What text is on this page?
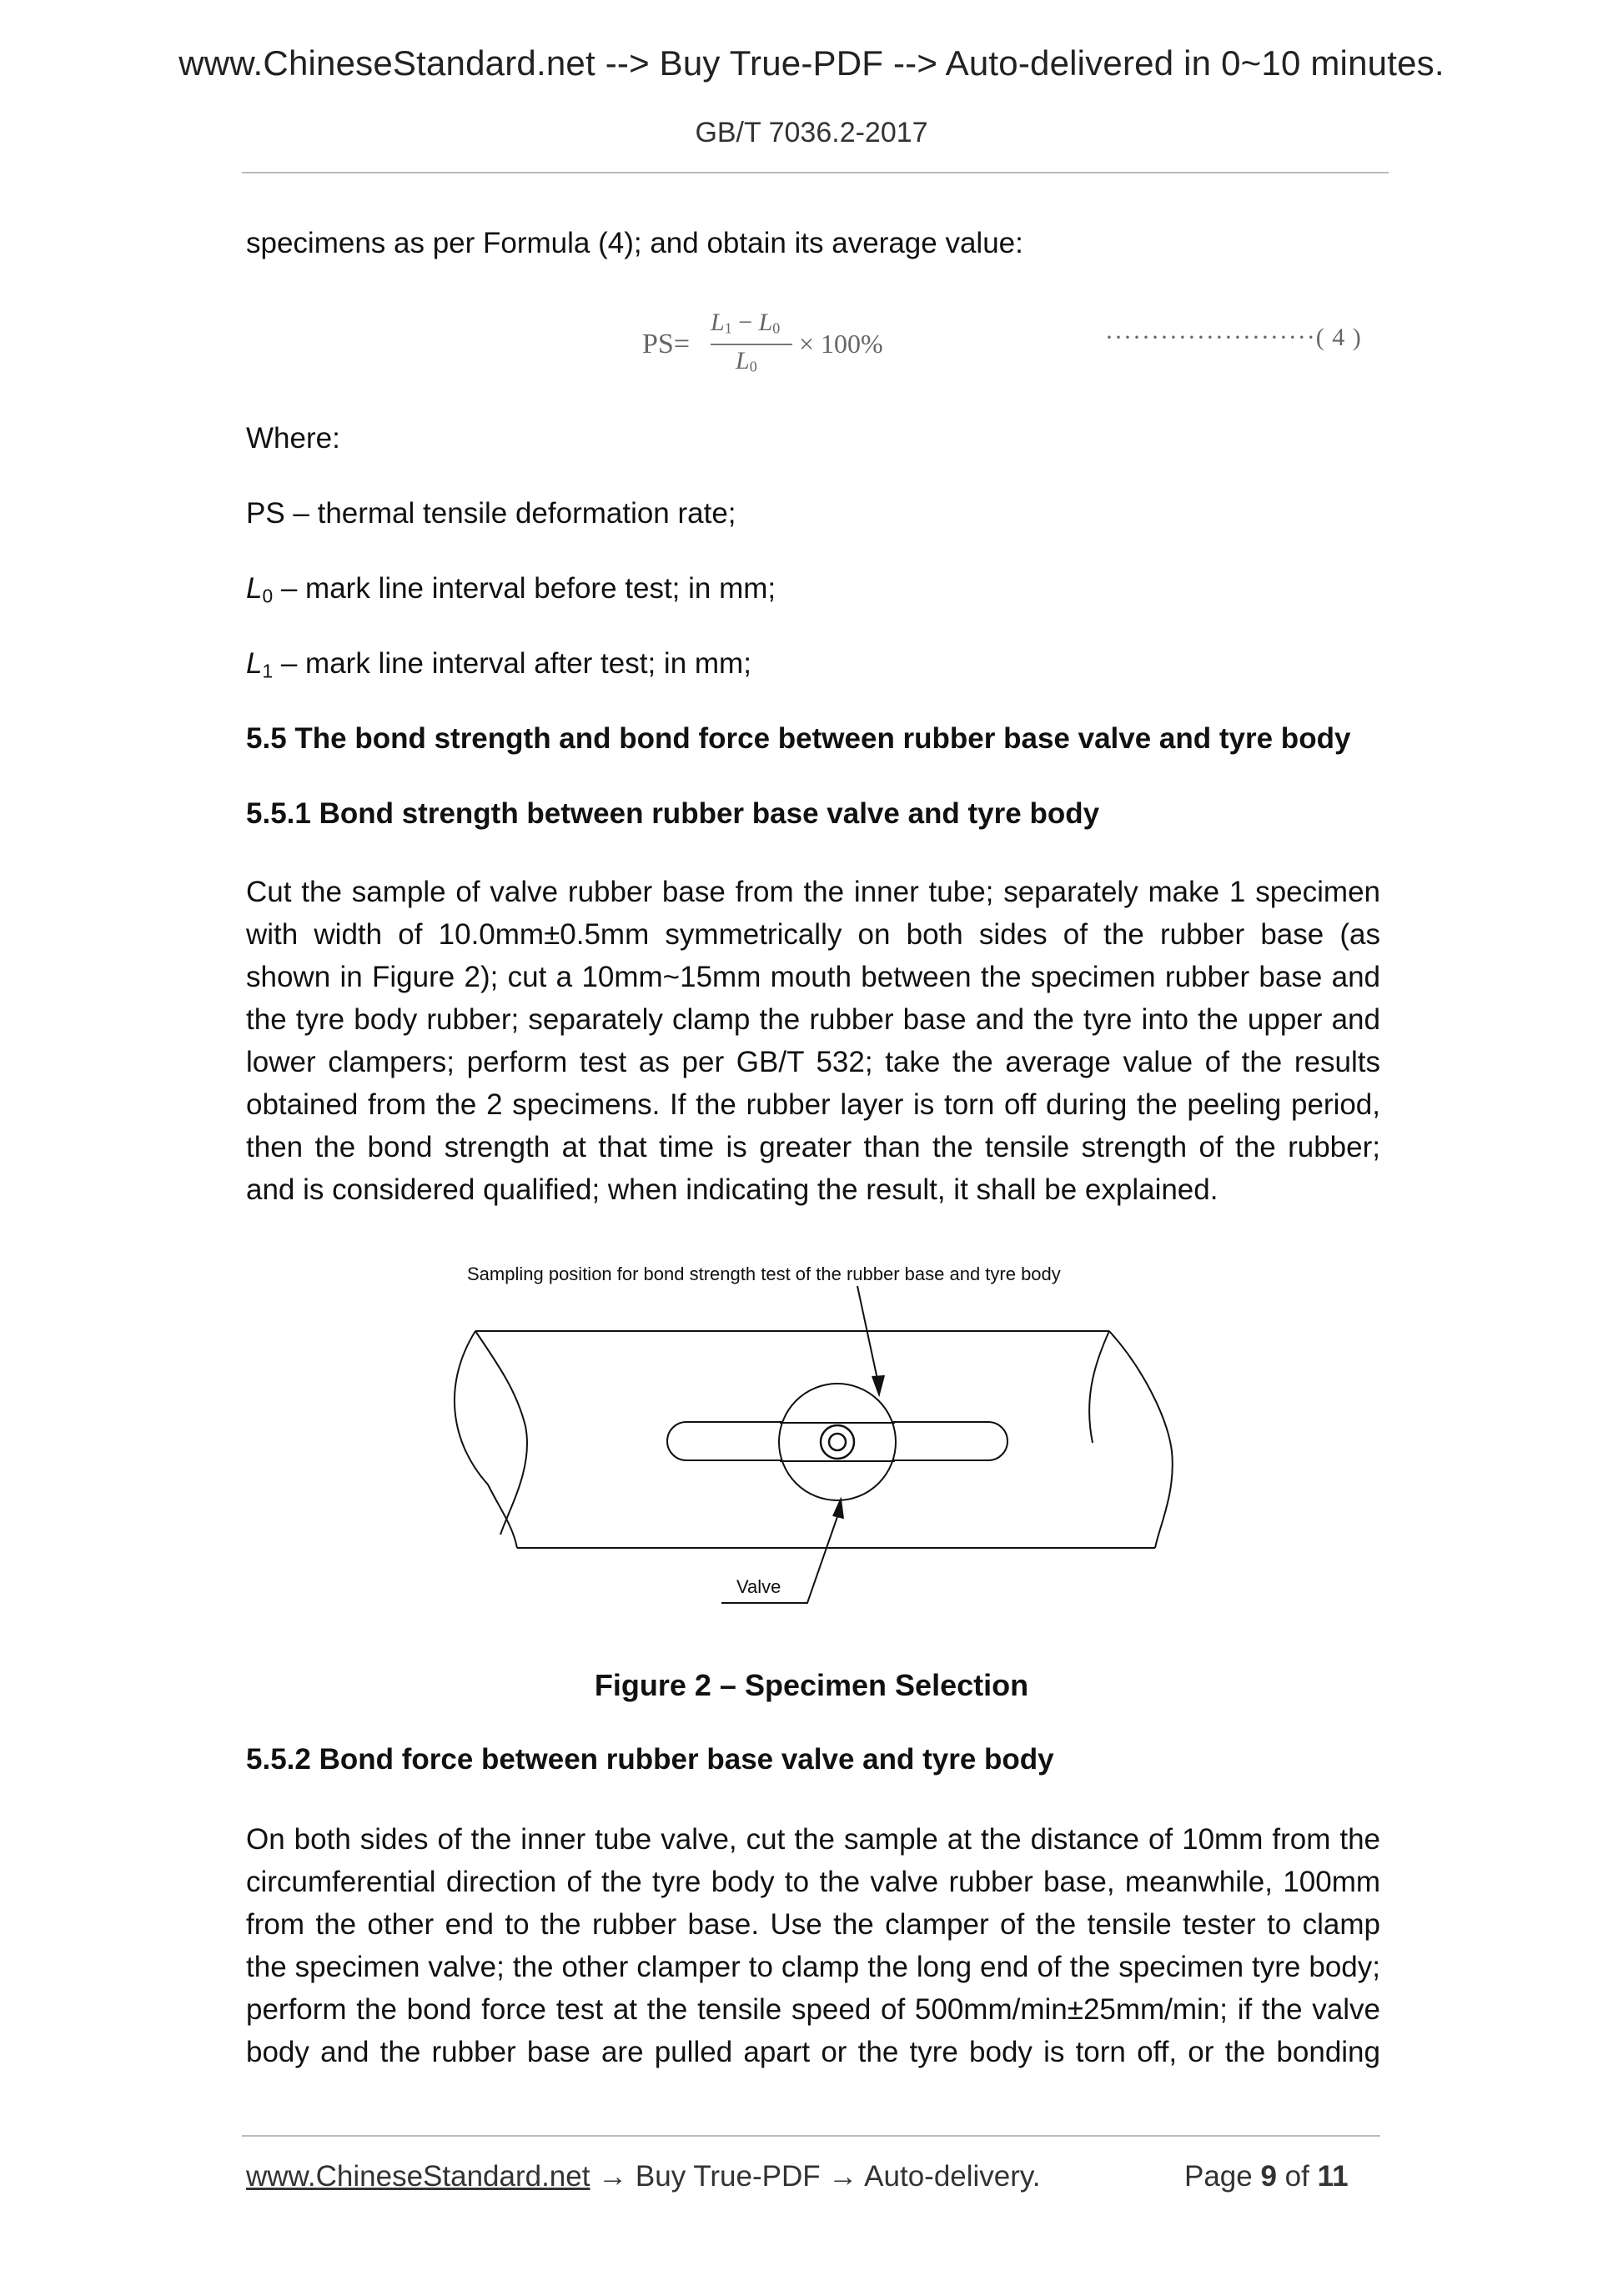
www.ChineseStandard.net --> Buy True-PDF --> Auto-delivered in 0~10 minutes.
GB/T 7036.2-2017
specimens as per Formula (4); and obtain its average value:
PS=
L1 − L0
L0
× 100%	·······················( 4 )
Where:
PS – thermal tensile deformation rate;
$L_0$ – mark line interval before test; in mm;
$L_1$ – mark line interval after test; in mm;
5.5 The bond strength and bond force between rubber base valve and tyre body
5.5.1 Bond strength between rubber base valve and tyre body
Cut the sample of valve rubber base from the inner tube; separately make 1 specimen
with width of 10.0mm±0.5mm symmetrically on both sides of the rubber base (as
shown in Figure 2); cut a 10mm~15mm mouth between the specimen rubber base and
the tyre body rubber; separately clamp the rubber base and the tyre into the upper and
lower clampers; perform test as per GB/T 532; take the average value of the results
obtained from the 2 specimens. If the rubber layer is torn off during the peeling period,
then the bond strength at that time is greater than the tensile strength of the rubber;
and is considered qualified; when indicating the result, it shall be explained.
5.5.2 Bond force between rubber base valve and tyre body
On both sides of the inner tube valve, cut the sample at the distance of 10mm from the
circumferential direction of the tyre body to the valve rubber base, meanwhile, 100mm
from the other end to the rubber base. Use the clamper of the tensile tester to clamp
the specimen valve; the other clamper to clamp the long end of the specimen tyre body;
perform the bond force test at the tensile speed of 500mm/min±25mm/min; if the valve
body and the rubber base are pulled apart or the tyre body is torn off, or the bonding
Sampling position for bond strength test of the rubber base and tyre body
Valve
Figure 2 – Specimen Selection
www.ChineseStandard.net → Buy True-PDF → Auto-delivery.	Page 9 of 11
